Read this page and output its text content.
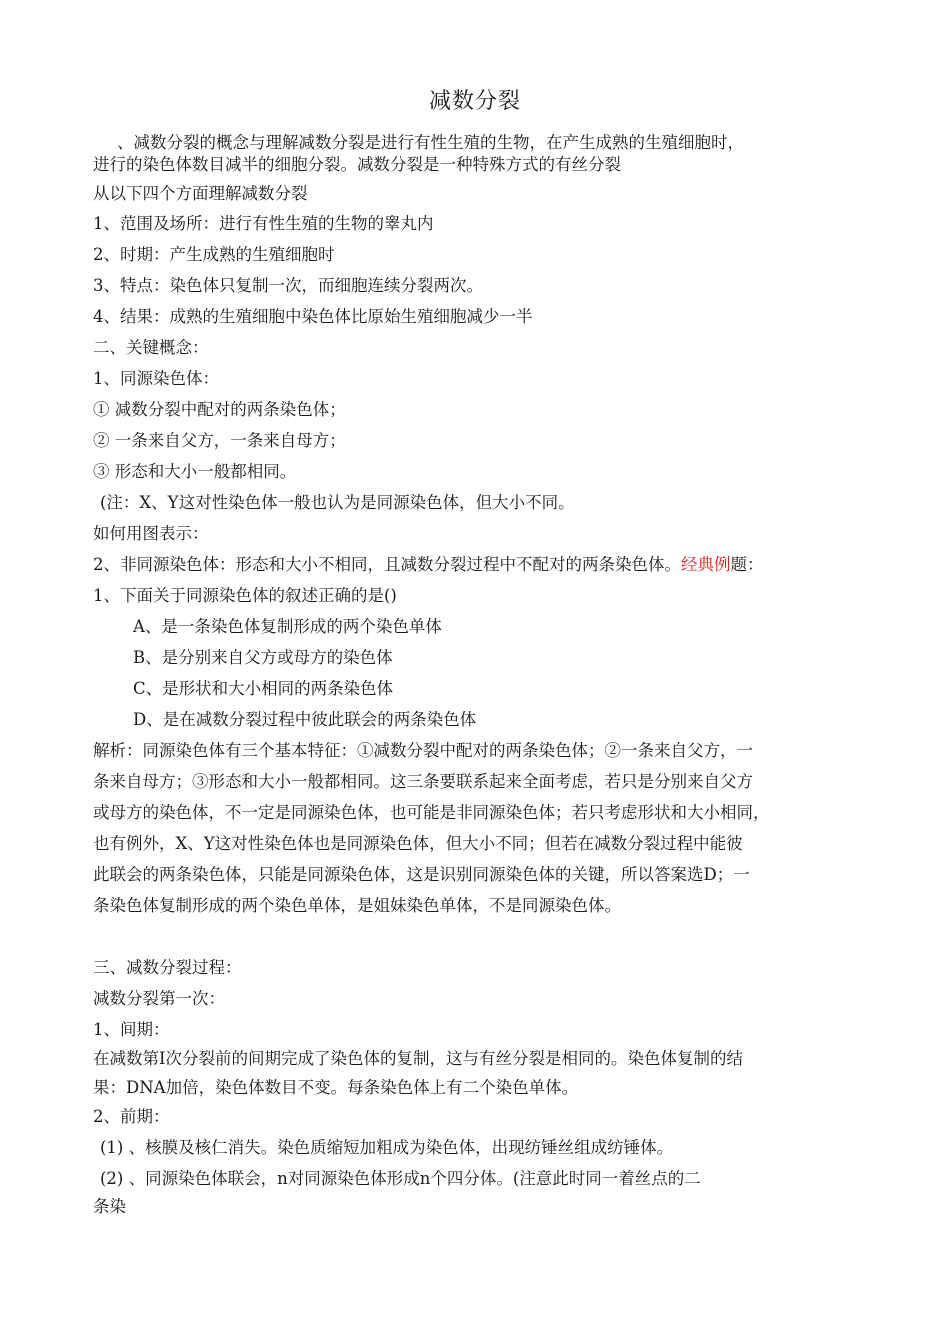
减数分裂
、减数分裂的概念与理解减数分裂是进行有性生殖的生物，在产生成熟的生殖细胞时，
进行的染色体数目减半的细胞分裂。减数分裂是一种特殊方式的有丝分裂
从以下四个方面理解减数分裂
1、范围及场所：进行有性生殖的生物的睾丸内
2、时期：产生成熟的生殖细胞时
3、特点：染色体只复制一次，而细胞连续分裂两次。
4、结果：成熟的生殖细胞中染色体比原始生殖细胞减少一半
二、关键概念：
1、同源染色体：
① 减数分裂中配对的两条染色体；
② 一条来自父方，一条来自母方；
③ 形态和大小一般都相同。
(注：X、Y这对性染色体一般也认为是同源染色体，但大小不同。
如何用图表示：
2、非同源染色体：形态和大小不相同，且减数分裂过程中不配对的两条染色体。经典例题：
1、下面关于同源染色体的叙述正确的是()
A、是一条染色体复制形成的两个染色单体
B、是分别来自父方或母方的染色体
C、是形状和大小相同的两条染色体
D、是在减数分裂过程中彼此联会的两条染色体
解析：同源染色体有三个基本特征：①减数分裂中配对的两条染色体；②一条来自父方，一
条来自母方；③形态和大小一般都相同。这三条要联系起来全面考虑，若只是分别来自父方
或母方的染色体，不一定是同源染色体，也可能是非同源染色体；若只考虑形状和大小相同，
也有例外，X、Y这对性染色体也是同源染色体，但大小不同；但若在减数分裂过程中能彼
此联会的两条染色体，只能是同源染色体，这是识别同源染色体的关键，所以答案选D；一
条染色体复制形成的两个染色单体，是姐妹染色单体，不是同源染色体。
三、减数分裂过程：
减数分裂第一次：
1、间期：
在减数第Ⅰ次分裂前的间期完成了染色体的复制，这与有丝分裂是相同的。染色体复制的结
果：DNA加倍，染色体数目不变。每条染色体上有二个染色单体。
2、前期：
(1) 、核膜及核仁消失。染色质缩短加粗成为染色体，出现纺锤丝组成纺锤体。
(2) 、同源染色体联会，n对同源染色体形成n个四分体。(注意此时同一着丝点的二
条染
